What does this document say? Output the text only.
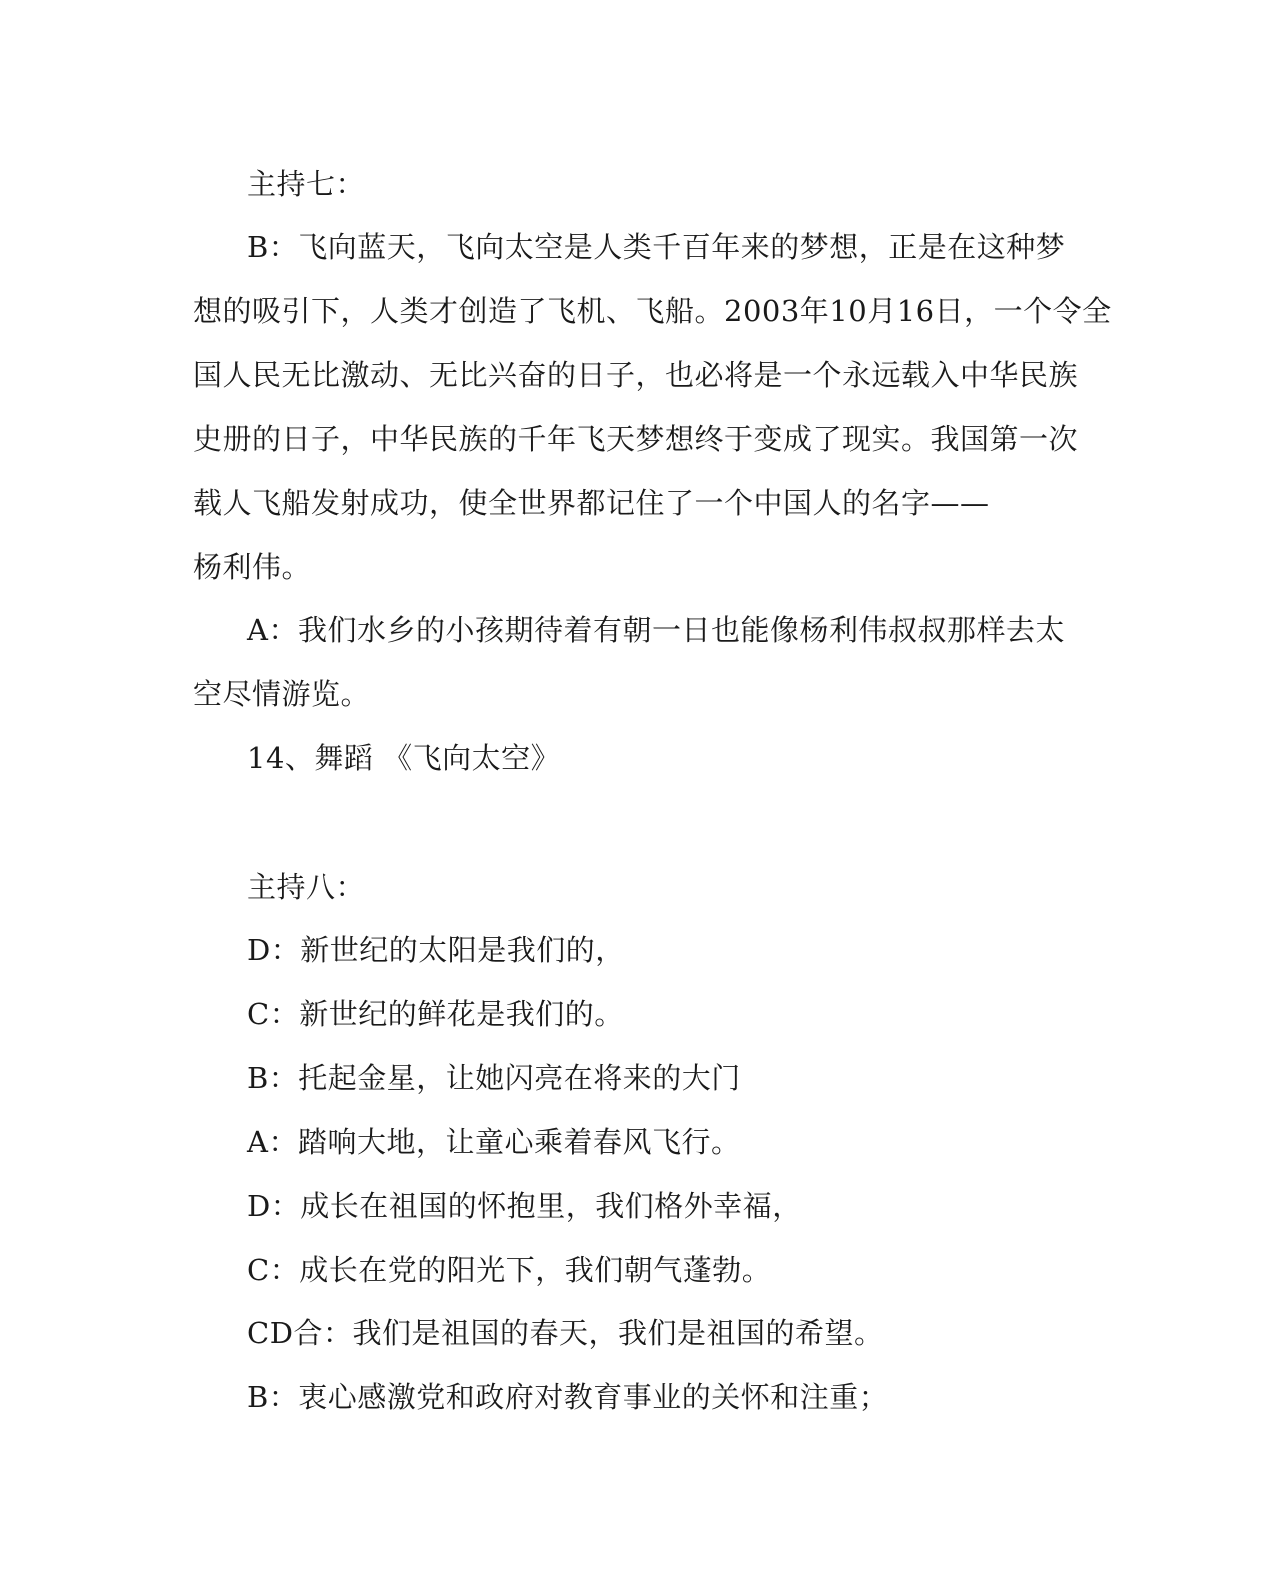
主持七：
B：飞向蓝天，飞向太空是人类千百年来的梦想，正是在这种梦
想的吸引下，人类才创造了飞机、飞船。2003年10月16日，一个令全
国人民无比激动、无比兴奋的日子，也必将是一个永远载入中华民族
史册的日子，中华民族的千年飞天梦想终于变成了现实。我国第一次
载人飞船发射成功，使全世界都记住了一个中国人的名字——
杨利伟。
A：我们水乡的小孩期待着有朝一日也能像杨利伟叔叔那样去太
空尽情游览。
14、舞蹈 《飞向太空》
主持八：
D：新世纪的太阳是我们的，
C：新世纪的鲜花是我们的。
B：托起金星，让她闪亮在将来的大门
A：踏响大地，让童心乘着春风飞行。
D：成长在祖国的怀抱里，我们格外幸福，
C：成长在党的阳光下，我们朝气蓬勃。
CD合：我们是祖国的春天，我们是祖国的希望。
B：衷心感激党和政府对教育事业的关怀和注重；
